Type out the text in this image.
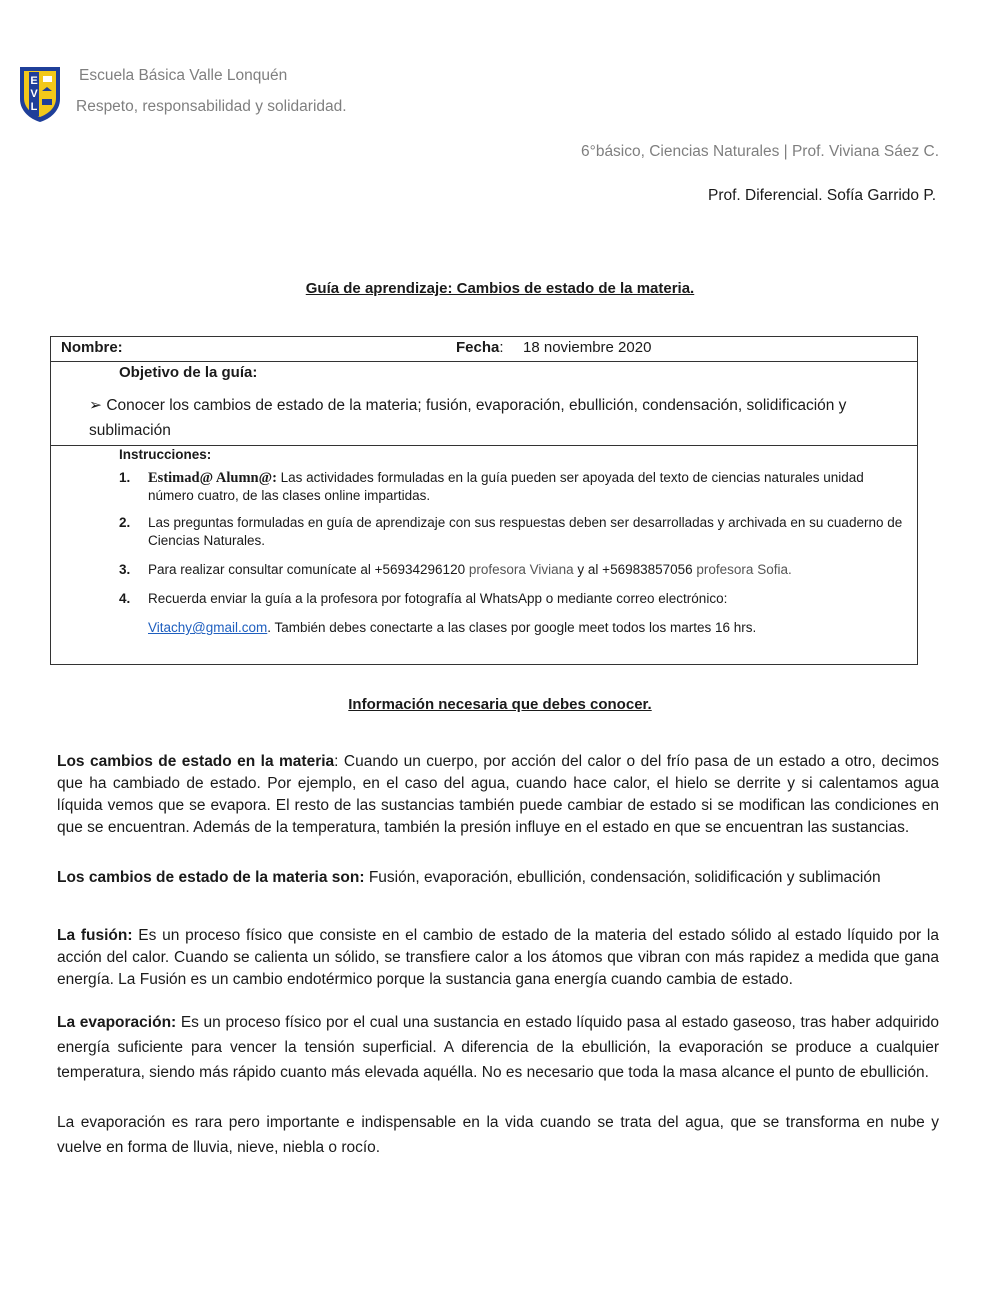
E
V
L
Escuela Básica Valle Lonquén
Respeto, responsabilidad y solidaridad.
6°básico, Ciencias Naturales | Prof. Viviana Sáez C.
Prof. Diferencial. Sofía Garrido P.
Guía de aprendizaje: Cambios de estado de la materia.
Nombre:	Fecha: 18 noviembre 2020
Objetivo de la guía:
➢ Conocer los cambios de estado de la materia; fusión, evaporación, ebullición, condensación, solidificación y sublimación
Instrucciones:
1. Estimad@ Alumn@: Las actividades formuladas en la guía pueden ser apoyada del texto de ciencias naturales unidad número cuatro, de las clases online impartidas.
2. Las preguntas formuladas en guía de aprendizaje con sus respuestas deben ser desarrolladas y archivada en su cuaderno de Ciencias Naturales.
3. Para realizar consultar comunícate al +56934296120 profesora Viviana y al +56983857056 profesora Sofia.
4. Recuerda enviar la guía a la profesora por fotografía al WhatsApp o mediante correo electrónico:
Vitachy@gmail.com. También debes conectarte a las clases por google meet todos los martes 16 hrs.
Información necesaria que debes conocer.
Los cambios de estado en la materia: Cuando un cuerpo, por acción del calor o del frío pasa de un estado a otro, decimos que ha cambiado de estado. Por ejemplo, en el caso del agua, cuando hace calor, el hielo se derrite y si calentamos agua líquida vemos que se evapora. El resto de las sustancias también puede cambiar de estado si se modifican las condiciones en que se encuentran. Además de la temperatura, también la presión influye en el estado en que se encuentran las sustancias.
Los cambios de estado de la materia son: Fusión, evaporación, ebullición, condensación, solidificación y sublimación
La fusión: Es un proceso físico que consiste en el cambio de estado de la materia del estado sólido al estado líquido por la acción del calor. Cuando se calienta un sólido, se transfiere calor a los átomos que vibran con más rapidez a medida que gana energía. La Fusión es un cambio endotérmico porque la sustancia gana energía cuando cambia de estado.
La evaporación: Es un proceso físico por el cual una sustancia en estado líquido pasa al estado gaseoso, tras haber adquirido energía suficiente para vencer la tensión superficial. A diferencia de la ebullición, la evaporación se produce a cualquier temperatura, siendo más rápido cuanto más elevada aquélla. No es necesario que toda la masa alcance el punto de ebullición.
La evaporación es rara pero importante e indispensable en la vida cuando se trata del agua, que se transforma en nube y vuelve en forma de lluvia, nieve, niebla o rocío.
